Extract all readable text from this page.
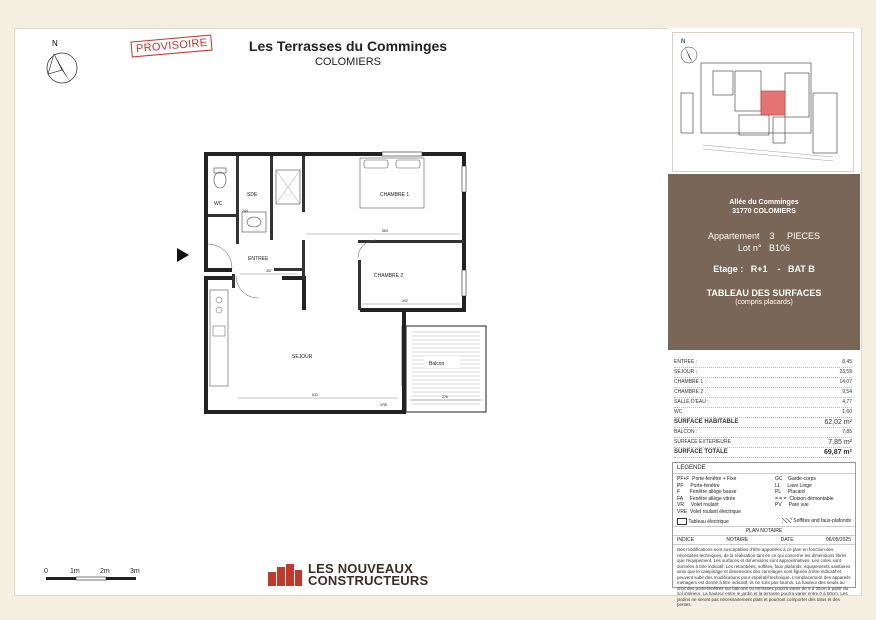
N	PROVISOIRE	Les Terrasses du Comminges
COLOMIERS
CHAMBRE 1
CHAMBRE 2
SDE
WC
ENTREE
SEJOUR
Balcon
583
457
392
633	276
244
VRE
0	1m	2m	3m	LES NOUVEAUX
CONSTRUCTEURS
N
Allée du Comminges
31770 COLOMIERS
Appartement    3     PIECES
Lot n°   B106
Etage :   R+1    -   BAT B
TABLEAU DES SURFACES
(compris placards)
ENTREE :	8,45
SEJOUR :	23,59
CHAMBRE 1 :	14,07
CHAMBRE 2 :	9,54
SALLE D'EAU :	4,77
WC	1,60
SURFACE HABITABLE	62,02 m²
BALCON :	7,85
SURFACE EXTERIEURE	7,85 m²
SURFACE TOTALE	69,87 m²
LEGENDE
PF+F  Porte-fenêtre + Fixe
PF     Porte-fenêtre
F       Fenêtre allège basse
FA     Fenêtre allège vitrée
VR     Volet roulant
VRE  Volet roulant électrique
GC    Garde-corps
LL     Lave Linge
PL     Placard
= = =  Cloison démontable
PV     Pare vue
Tableau électrique	Soffites and faux-plafonds
PLAN NOTAIRE
INDICE	NOTAIRE	DATE	06/05/2025
Des modifications sont susceptibles d'être apportées à ce plan en fonction des nécessités techniques, de la réalisation tant en ce qui concerne les dimensions libres que l'équipement. Les surfaces et dimensions sont approximatives. Les cotes sont données à titre indicatif. Les retombées, soffites, faux plafonds, équipements sanitaires ainsi que le calepinage et dimensions des carrelages sont figurés à titre indicatif et peuvent subir des modifications pour impératif technique. L'emplacement des appareils ménagers est donné à titre indicatif, ils ne sont pas fournis. La hauteur des seuils au droit des porte-fenêtres sur balcons ou terrasses pourra varier de 5 à 35cm à partir du sol intérieur. La hauteur entre le jardin et la terrasse pourra varier entre 0 à 60cm. Les jardins ne seront pas nécessairement plats et pourront comporter des talus et des pentes.
